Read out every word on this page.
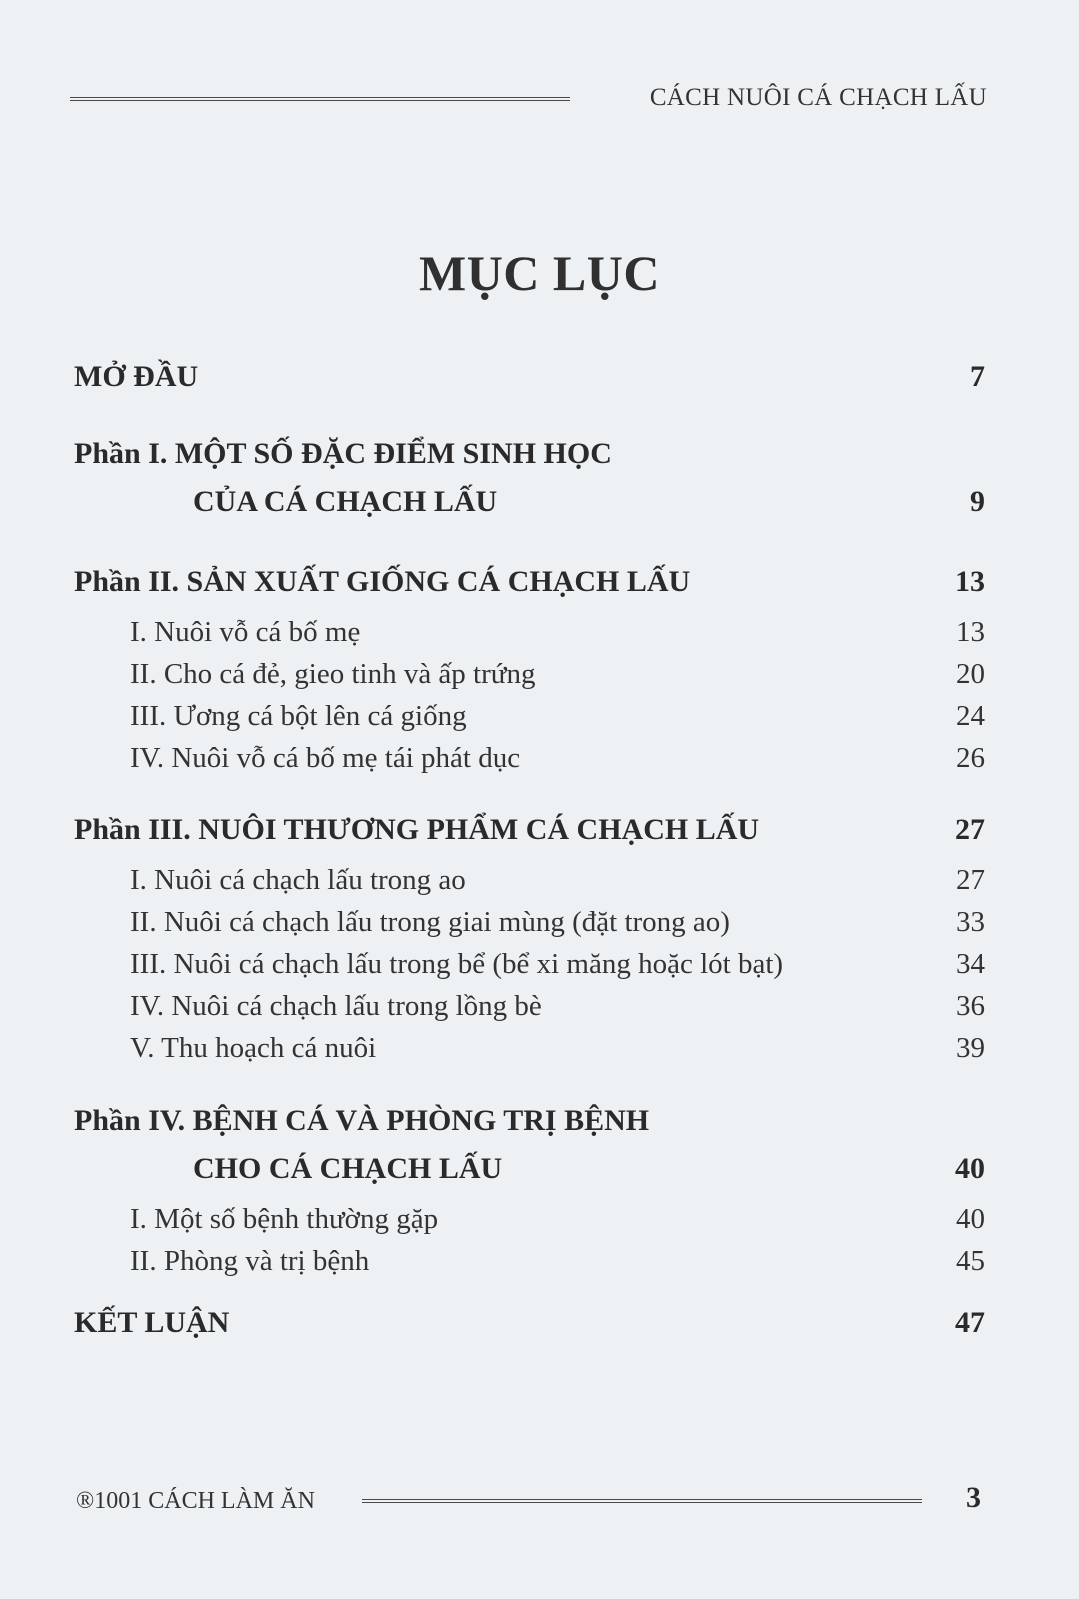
CÁCH NUÔI CÁ CHẠCH LẤU
MỤC LỤC
MỞ ĐẦU	7
Phần I. MỘT SỐ ĐẶC ĐIỂM SINH HỌC
CỦA CÁ CHẠCH LẤU	9
Phần II. SẢN XUẤT GIỐNG CÁ CHẠCH LẤU	13
I. Nuôi vỗ cá bố mẹ	13
II. Cho cá đẻ, gieo tinh và ấp trứng	20
III. Ương cá bột lên cá giống	24
IV. Nuôi vỗ cá bố mẹ tái phát dục	26
Phần III. NUÔI THƯƠNG PHẨM CÁ CHẠCH LẤU	27
I. Nuôi cá chạch lấu trong ao	27
II. Nuôi cá chạch lấu trong giai mùng (đặt trong ao)	33
III. Nuôi cá chạch lấu trong bể (bể xi măng hoặc lót bạt)	34
IV. Nuôi cá chạch lấu trong lồng bè	36
V. Thu hoạch cá nuôi	39
Phần IV. BỆNH CÁ VÀ PHÒNG TRỊ BỆNH
CHO CÁ CHẠCH LẤU	40
I. Một số bệnh thường gặp	40
II. Phòng và trị bệnh	45
KẾT LUẬN	47
®1001 CÁCH LÀM ĂN	3
